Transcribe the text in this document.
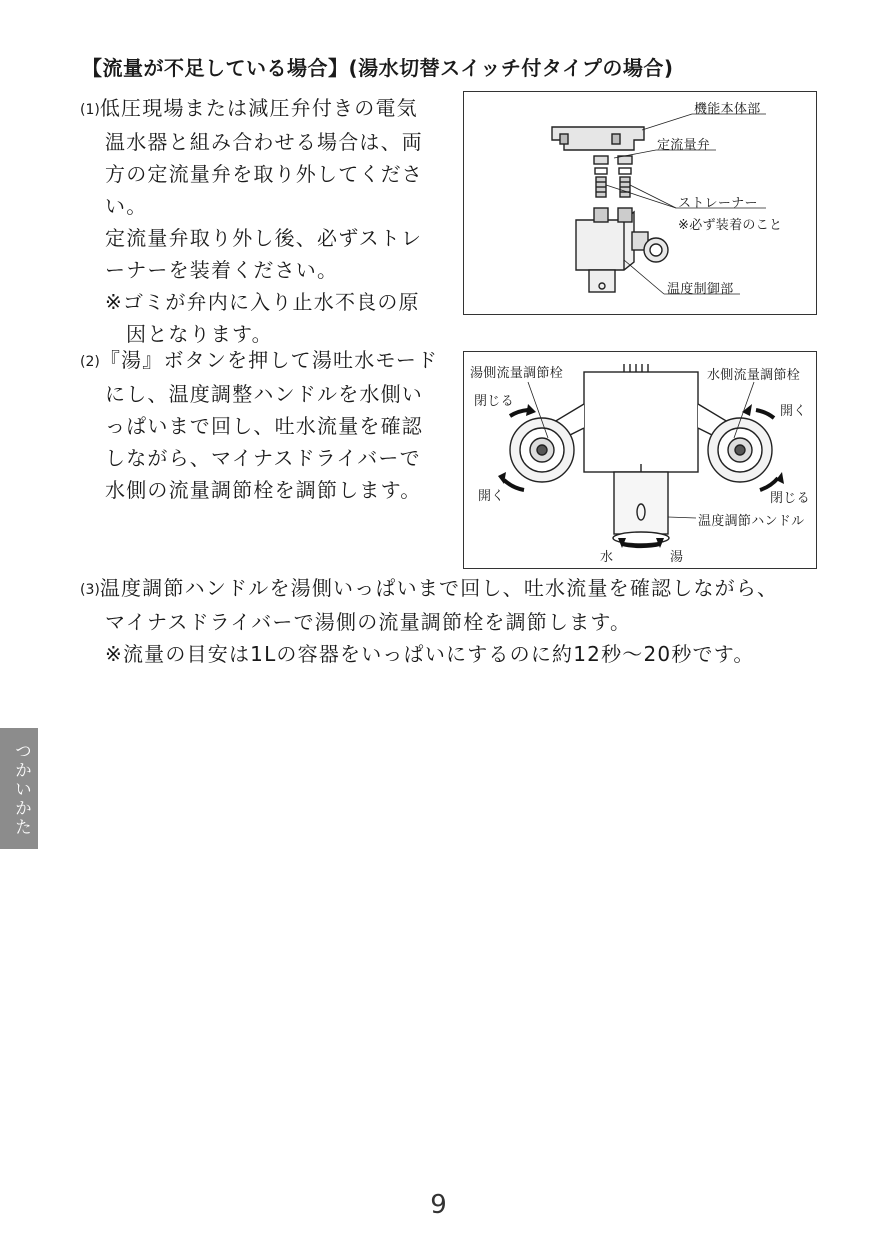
【流量が不足している場合】(湯水切替スイッチ付タイプの場合)
(1)低圧現場または減圧弁付きの電気
温水器と組み合わせる場合は、両
方の定流量弁を取り外してくださ
い。
定流量弁取り外し後、必ずストレ
ーナーを装着ください。
※ゴミが弁内に入り止水不良の原
因となります。
(2)『湯』ボタンを押して湯吐水モード
にし、温度調整ハンドルを水側い
っぱいまで回し、吐水流量を確認
しながら、マイナスドライバーで
水側の流量調節栓を調節します。
(3)温度調節ハンドルを湯側いっぱいまで回し、吐水流量を確認しながら、
マイナスドライバーで湯側の流量調節栓を調節します。
※流量の目安は1Lの容器をいっぱいにするのに約12秒～20秒です。
機能本体部
定流量弁
ストレーナー
※必ず装着のこと
温度制御部
湯側流量調節栓	水側流量調節栓
閉じる
開く
開く
閉じる
温度調節ハンドル
水	湯
つかいかた
9
